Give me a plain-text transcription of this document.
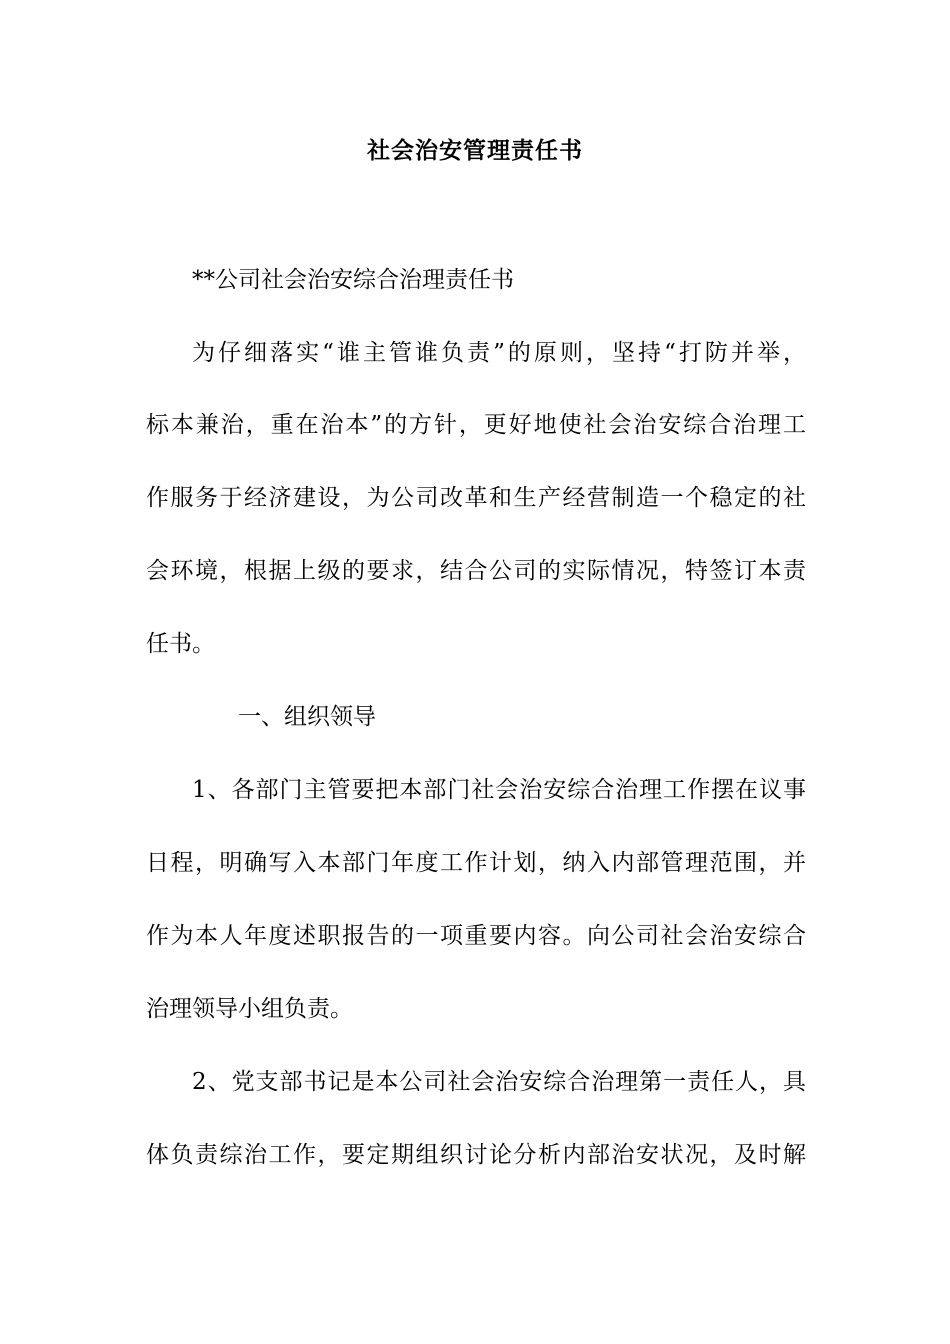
社会治安管理责任书
**公司社会治安综合治理责任书
为仔细落实“谁主管谁负责”的原则，坚持“打防并举，
标本兼治，重在治本”的方针，更好地使社会治安综合治理工
作服务于经济建设，为公司改革和生产经营制造一个稳定的社
会环境，根据上级的要求，结合公司的实际情况，特签订本责
任书。
一、组织领导
1、各部门主管要把本部门社会治安综合治理工作摆在议事
日程，明确写入本部门年度工作计划，纳入内部管理范围，并
作为本人年度述职报告的一项重要内容。向公司社会治安综合
治理领导小组负责。
2、党支部书记是本公司社会治安综合治理第一责任人，具
体负责综治工作，要定期组织讨论分析内部治安状况，及时解
